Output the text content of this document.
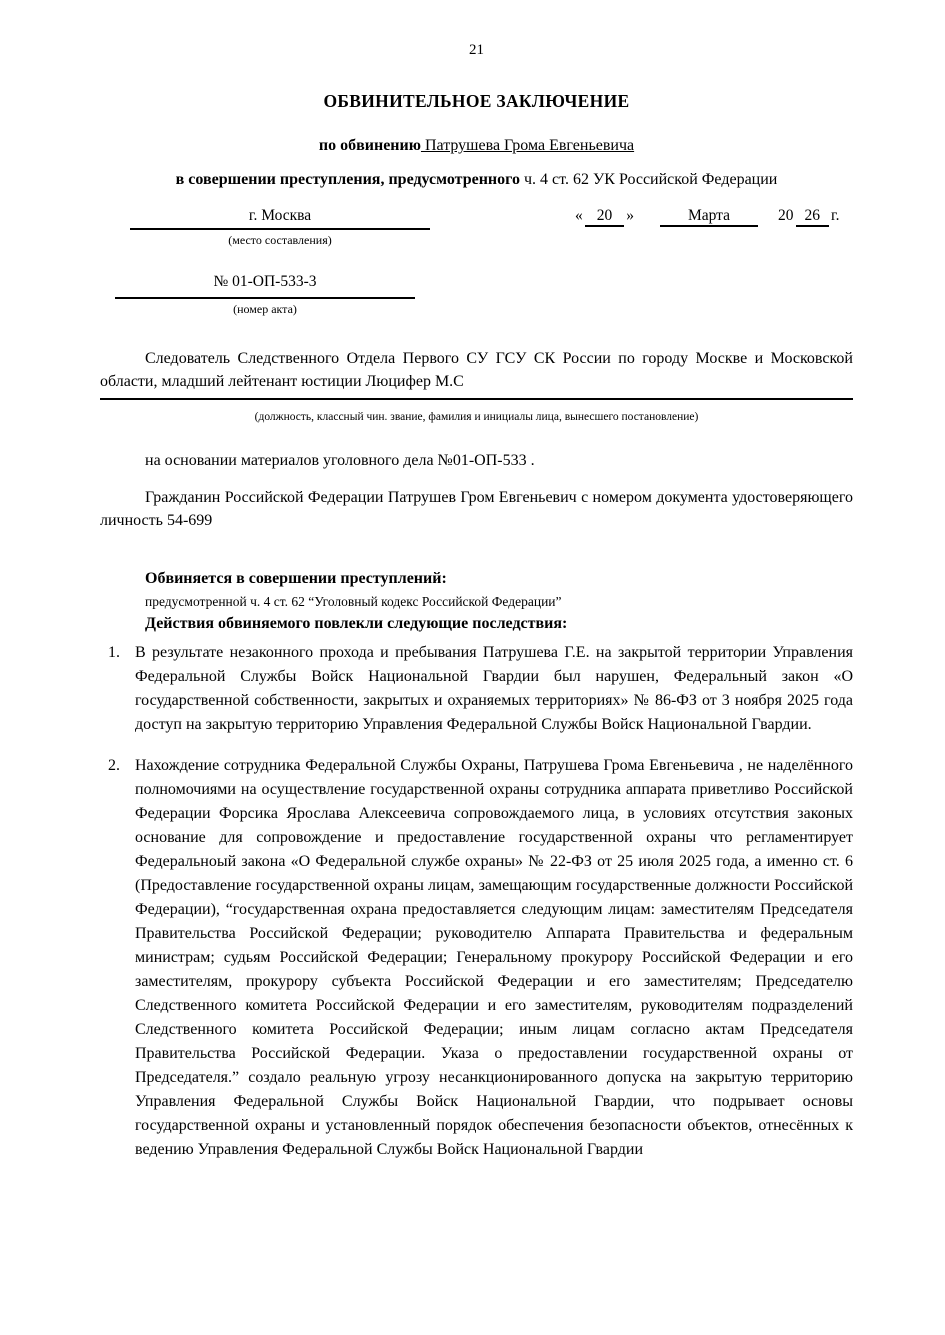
21
ОБВИНИТЕЛЬНОЕ ЗАКЛЮЧЕНИЕ
по обвинению Патрушева Грома Евгеньевича
в совершении преступления, предусмотренного ч. 4 ст. 62 УК Российской Федерации
г. Москва
(место составления)
« 20 »	Марта	20 26 г.
№ 01-ОП-533-3
(номер акта)

Следователь Следственного Отдела Первого СУ ГСУ СК России по городу Москве и Московской области, младший лейтенант юстиции Люцифер М.С

(должность, классный чин. звание, фамилия и инициалы лица, вынесшего постановление)

на основании материалов уголовного дела №01-ОП-533 .

Гражданин Российской Федерации Патрушев Гром Евгеньевич с номером документа удостоверяющего личность 54-699

Обвиняется в совершении преступлений:
предусмотренной ч. 4 ст. 62 “Уголовный кодекс Российской Федерации”
Действия обвиняемого повлекли следующие последствия:
1. В результате незаконного прохода и пребывания Патрушева Г.Е. на закрытой территории Управления Федеральной Службы Войск Национальной Гвардии был нарушен, Федеральный закон «О государственной собственности, закрытых и охраняемых территориях» № 86-ФЗ от 3 ноября 2025 года доступ на закрытую территорию Управления Федеральной Службы Войск Национальной Гвардии.
2. Нахождение сотрудника Федеральной Службы Охраны, Патрушева Грома Евгеньевича , не наделённого полномочиями на осуществление государственной охраны сотрудника аппарата приветливо Российской Федерации Форсика Ярослава Алексеевича сопровождаемого лица, в условиях отсутствия законых основание для сопровождение и предоставление государственной охраны что регламентирует Федеральноый закона «О Федеральной службе охраны» № 22-ФЗ от 25 июля 2025 года, а именно ст. 6 (Предоставление государственной охраны лицам, замещающим государственные должности Российской Федерации), “государственная охрана предоставляется следующим лицам: заместителям Председателя Правительства Российской Федерации; руководителю Аппарата Правительства и федеральным министрам; судьям Российской Федерации; Генеральному прокурору Российской Федерации и его заместителям, прокурору субъекта Российской Федерации и его заместителям; Председателю Следственного комитета Российской Федерации и его заместителям, руководителям подразделений Следственного комитета Российской Федерации; иным лицам согласно актам Председателя Правительства Российской Федерации. Указа о предоставлении государственной охраны от Председателя.” создало реальную угрозу несанкционированного допуска на закрытую территорию Управления Федеральной Службы Войск Национальной Гвардии, что подрывает основы государственной охраны и установленный порядок обеспечения безопасности объектов, отнесённых к ведению Управления Федеральной Службы Войск Национальной Гвардии
